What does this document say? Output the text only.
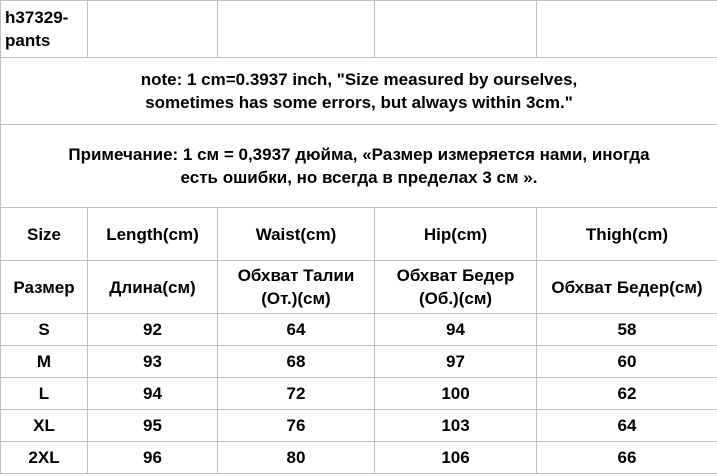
h37329-pants				
note: 1 cm=0.3937 inch, "Size measured by ourselves, sometimes has some errors, but always within 3cm."				
Примечание: 1 см = 0,3937 дюйма, «Размер измеряется нами, иногда есть ошибки, но всегда в пределах 3 см ».				
Size	Length(cm)	Waist(cm)	Hip(cm)	Thigh(cm)
Размер	Длина(см)	Обхват Талии (От.)(см)	Обхват Бедер (Об.)(см)	Обхват Бедер(см)
S	92	64	94	58
M	93	68	97	60
L	94	72	100	62
XL	95	76	103	64
2XL	96	80	106	66
